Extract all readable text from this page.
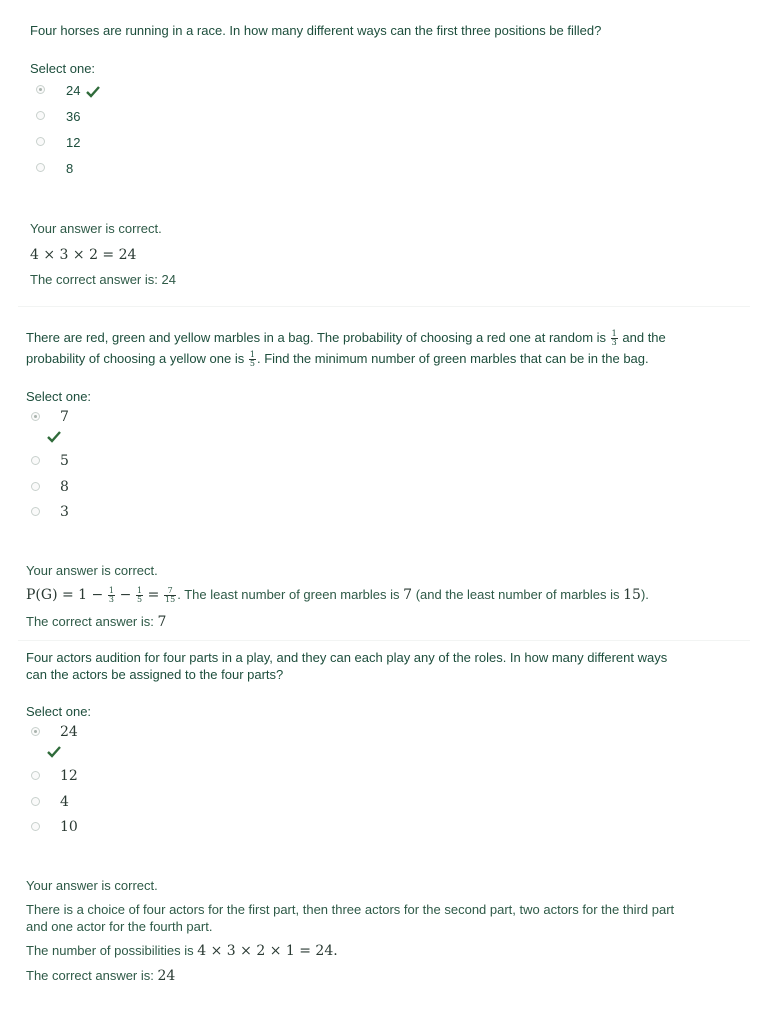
Four horses are running in a race. In how many different ways can the first three positions be filled?
Select one:
24
36
12
8
Your answer is correct.
4 × 3 × 2 = 24
The correct answer is: 24
There are red, green and yellow marbles in a bag. The probability of choosing a red one at random is $\frac{1}{3}$ and the
probability of choosing a yellow one is $\frac{1}{5}$ . Find the minimum number of green marbles that can be in the bag.
Select one:
7
5
8
3
Your answer is correct.
$P(G) = 1 - \frac{1}{3} - \frac{1}{5} = \frac{7}{15}$ . The least number of green marbles is 7 (and the least number of marbles is 15).
The correct answer is: 7
Four actors audition for four parts in a play, and they can each play any of the roles. In how many different ways
can the actors be assigned to the four parts?
Select one:
24
12
4
10
Your answer is correct.
There is a choice of four actors for the first part, then three actors for the second part, two actors for the third part
and one actor for the fourth part.
The number of possibilities is 4 × 3 × 2 × 1 = 24.
The correct answer is: 24
